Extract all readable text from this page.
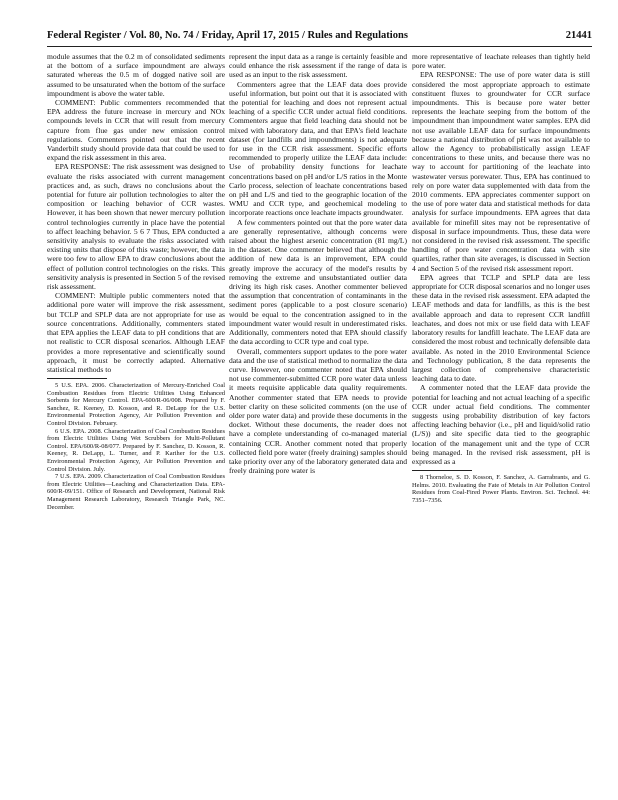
Federal Register / Vol. 80, No. 74 / Friday, April 17, 2015 / Rules and Regulations	21441

module assumes that the 0.2 m of consolidated sediments at the bottom of a surface impoundment are always saturated whereas the 0.5 m of dogged native soil are assumed to be unsaturated when the bottom of the surface impoundment is above the water table.

COMMENT: Public commenters recommended that EPA address the future increase in mercury and NOx compounds levels in CCR that will result from mercury capture from flue gas under new emission control regulations. Commenters pointed out that the recent Vanderbilt study should provide data that could be used to expand the risk assessment in this area.

EPA RESPONSE: The risk assessment was designed to evaluate the risks associated with current management practices and, as such, draws no conclusions about the potential for future air pollution technologies to alter the composition or leaching behavior of CCR wastes. However, it has been shown that newer mercury pollution control technologies currently in place have the potential to affect leaching behavior. 5 6 7 Thus, EPA conducted a sensitivity analysis to evaluate the risks associated with existing units that dispose of this waste; however, the data were too few to allow EPA to draw conclusions about the effect of pollution control technologies on the risks. This sensitivity analysis is presented in Section 5 of the revised risk assessment.

COMMENT: Multiple public commenters noted that additional pore water will improve the risk assessment, but TCLP and SPLP data are not appropriate for use as source concentrations. Additionally, commenters stated that EPA applies the LEAF data to pH conditions that are not realistic to CCR disposal scenarios. Although LEAF provides a more representative and scientifically sound approach, it must be correctly adapted. Alternative statistical methods to

5 U.S. EPA. 2006. Characterization of Mercury-Enriched Coal Combustion Residues from Electric Utilities Using Enhanced Sorbents for Mercury Control. EPA-600/R-06/008. Prepared by F. Sanchez, R. Keeney, D. Kosson, and R. DeLapp for the U.S. Environmental Protection Agency, Air Pollution Prevention and Control Division. February.

6 U.S. EPA. 2008. Characterization of Coal Combustion Residues from Electric Utilities Using Wet Scrubbers for Multi-Pollutant Control. EPA/600/R-08/077. Prepared by F. Sanchez, D. Kosson, R. Keeney, R. DeLapp, L. Turner, and P. Kariher for the U.S. Environmental Protection Agency, Air Pollution Prevention and Control Division. July.

7 U.S. EPA. 2009. Characterization of Coal Combustion Residues from Electric Utilities—Leaching and Characterization Data. EPA-600/R-09/151. Office of Research and Development, National Risk Management Research Laboratory, Research Triangle Park, NC. December.

represent the input data as a range is certainly feasible and could enhance the risk assessment if the range of data is used as an input to the risk assessment.

Commenters agree that the LEAF data does provide useful information, but point out that it is associated with the potential for leaching and does not represent actual leaching of a specific CCR under actual field conditions. Commenters argue that field leaching data should not be mixed with laboratory data, and that EPA's field leachate dataset (for landfills and impoundments) is not adequate for use in the CCR risk assessment. Specific efforts recommended to properly utilize the LEAF data include: Use of probability density functions for leachate concentrations based on pH and/or L/S ratios in the Monte Carlo process, selection of leachate concentrations based on pH and L/S and tied to the geographic location of the WMU and CCR type, and geochemical modeling to incorporate reactions once leachate impacts groundwater.

A few commenters pointed out that the pore water data are generally representative, although concerns were raised about the highest arsenic concentration (81 mg/L) in the dataset. One commenter believed that although the addition of new data is an improvement, EPA could greatly improve the accuracy of the model's results by removing the extreme and unsubstantiated outlier data driving its high risk cases. Another commenter believed the assumption that concentration of contaminants in the sediment pores (applicable to a post closure scenario) would be equal to the concentration assigned to in the impoundment water would result in underestimated risks. Additionally, commenters noted that EPA should classify the data according to CCR type and coal type.

Overall, commenters support updates to the pore water data and the use of statistical method to normalize the data curve. However, one commenter noted that EPA should not use commenter-submitted CCR pore water data unless it meets requisite applicable data quality requirements. Another commenter stated that EPA needs to provide better clarity on these solicited comments (on the use of older pore water data) and provide these documents in the docket. Without these documents, the reader does not have a complete understanding of co-managed material containing CCR. Another comment noted that properly collected field pore water (freely draining) samples should take priority over any of the laboratory generated data and freely draining pore water is

more representative of leachate releases than tightly held pore water.

EPA RESPONSE: The use of pore water data is still considered the most appropriate approach to estimate constituent fluxes to groundwater for CCR surface impoundments. This is because pore water better represents the leachate seeping from the bottom of the impoundment than impoundment water samples. EPA did not use available LEAF data for surface impoundments because a national distribution of pH was not available to allow the Agency to probabilistically assign LEAF concentrations to these units, and because there was no way to account for partitioning of the leachate into wastewater versus porewater. Thus, EPA has continued to rely on pore water data supplemented with data from the 2010 comments. EPA appreciates commenter support on the use of pore water data and statistical methods for data analysis for surface impoundments. EPA agrees that data available for minefill sites may not be representative of disposal in surface impoundments. Thus, these data were not considered in the revised risk assessment. The specific handling of pore water concentration data with site quartiles, rather than site averages, is discussed in Section 4 and Section 5 of the revised risk assessment report.

EPA agrees that TCLP and SPLP data are less appropriate for CCR disposal scenarios and no longer uses these data in the revised risk assessment. EPA adapted the LEAF methods and data for landfills, as this is the best available approach and data to represent CCR landfill leachates, and does not mix or use field data with LEAF laboratory results for landfill leachate. The LEAF data are considered the most robust and technically defensible data available. As noted in the 2010 Environmental Science and Technology publication, 8 the data represents the largest collection of comprehensive characteristic leaching data to date.

A commenter noted that the LEAF data provide the potential for leaching and not actual leaching of a specific CCR under actual field conditions. The commenter suggests using probability distribution of key factors affecting leaching behavior (i.e., pH and liquid/solid ratio (L/S)) and site specific data tied to the geographic location of the management unit and the type of CCR being managed. In the revised risk assessment, pH is expressed as a

8 Thorneloe, S. D. Kosson, F. Sanchez, A. Garrabrants, and G. Helms. 2010. Evaluating the Fate of Metals in Air Pollution Control Residues from Coal-Fired Power Plants. Environ. Sci. Technol. 44: 7351–7356.
